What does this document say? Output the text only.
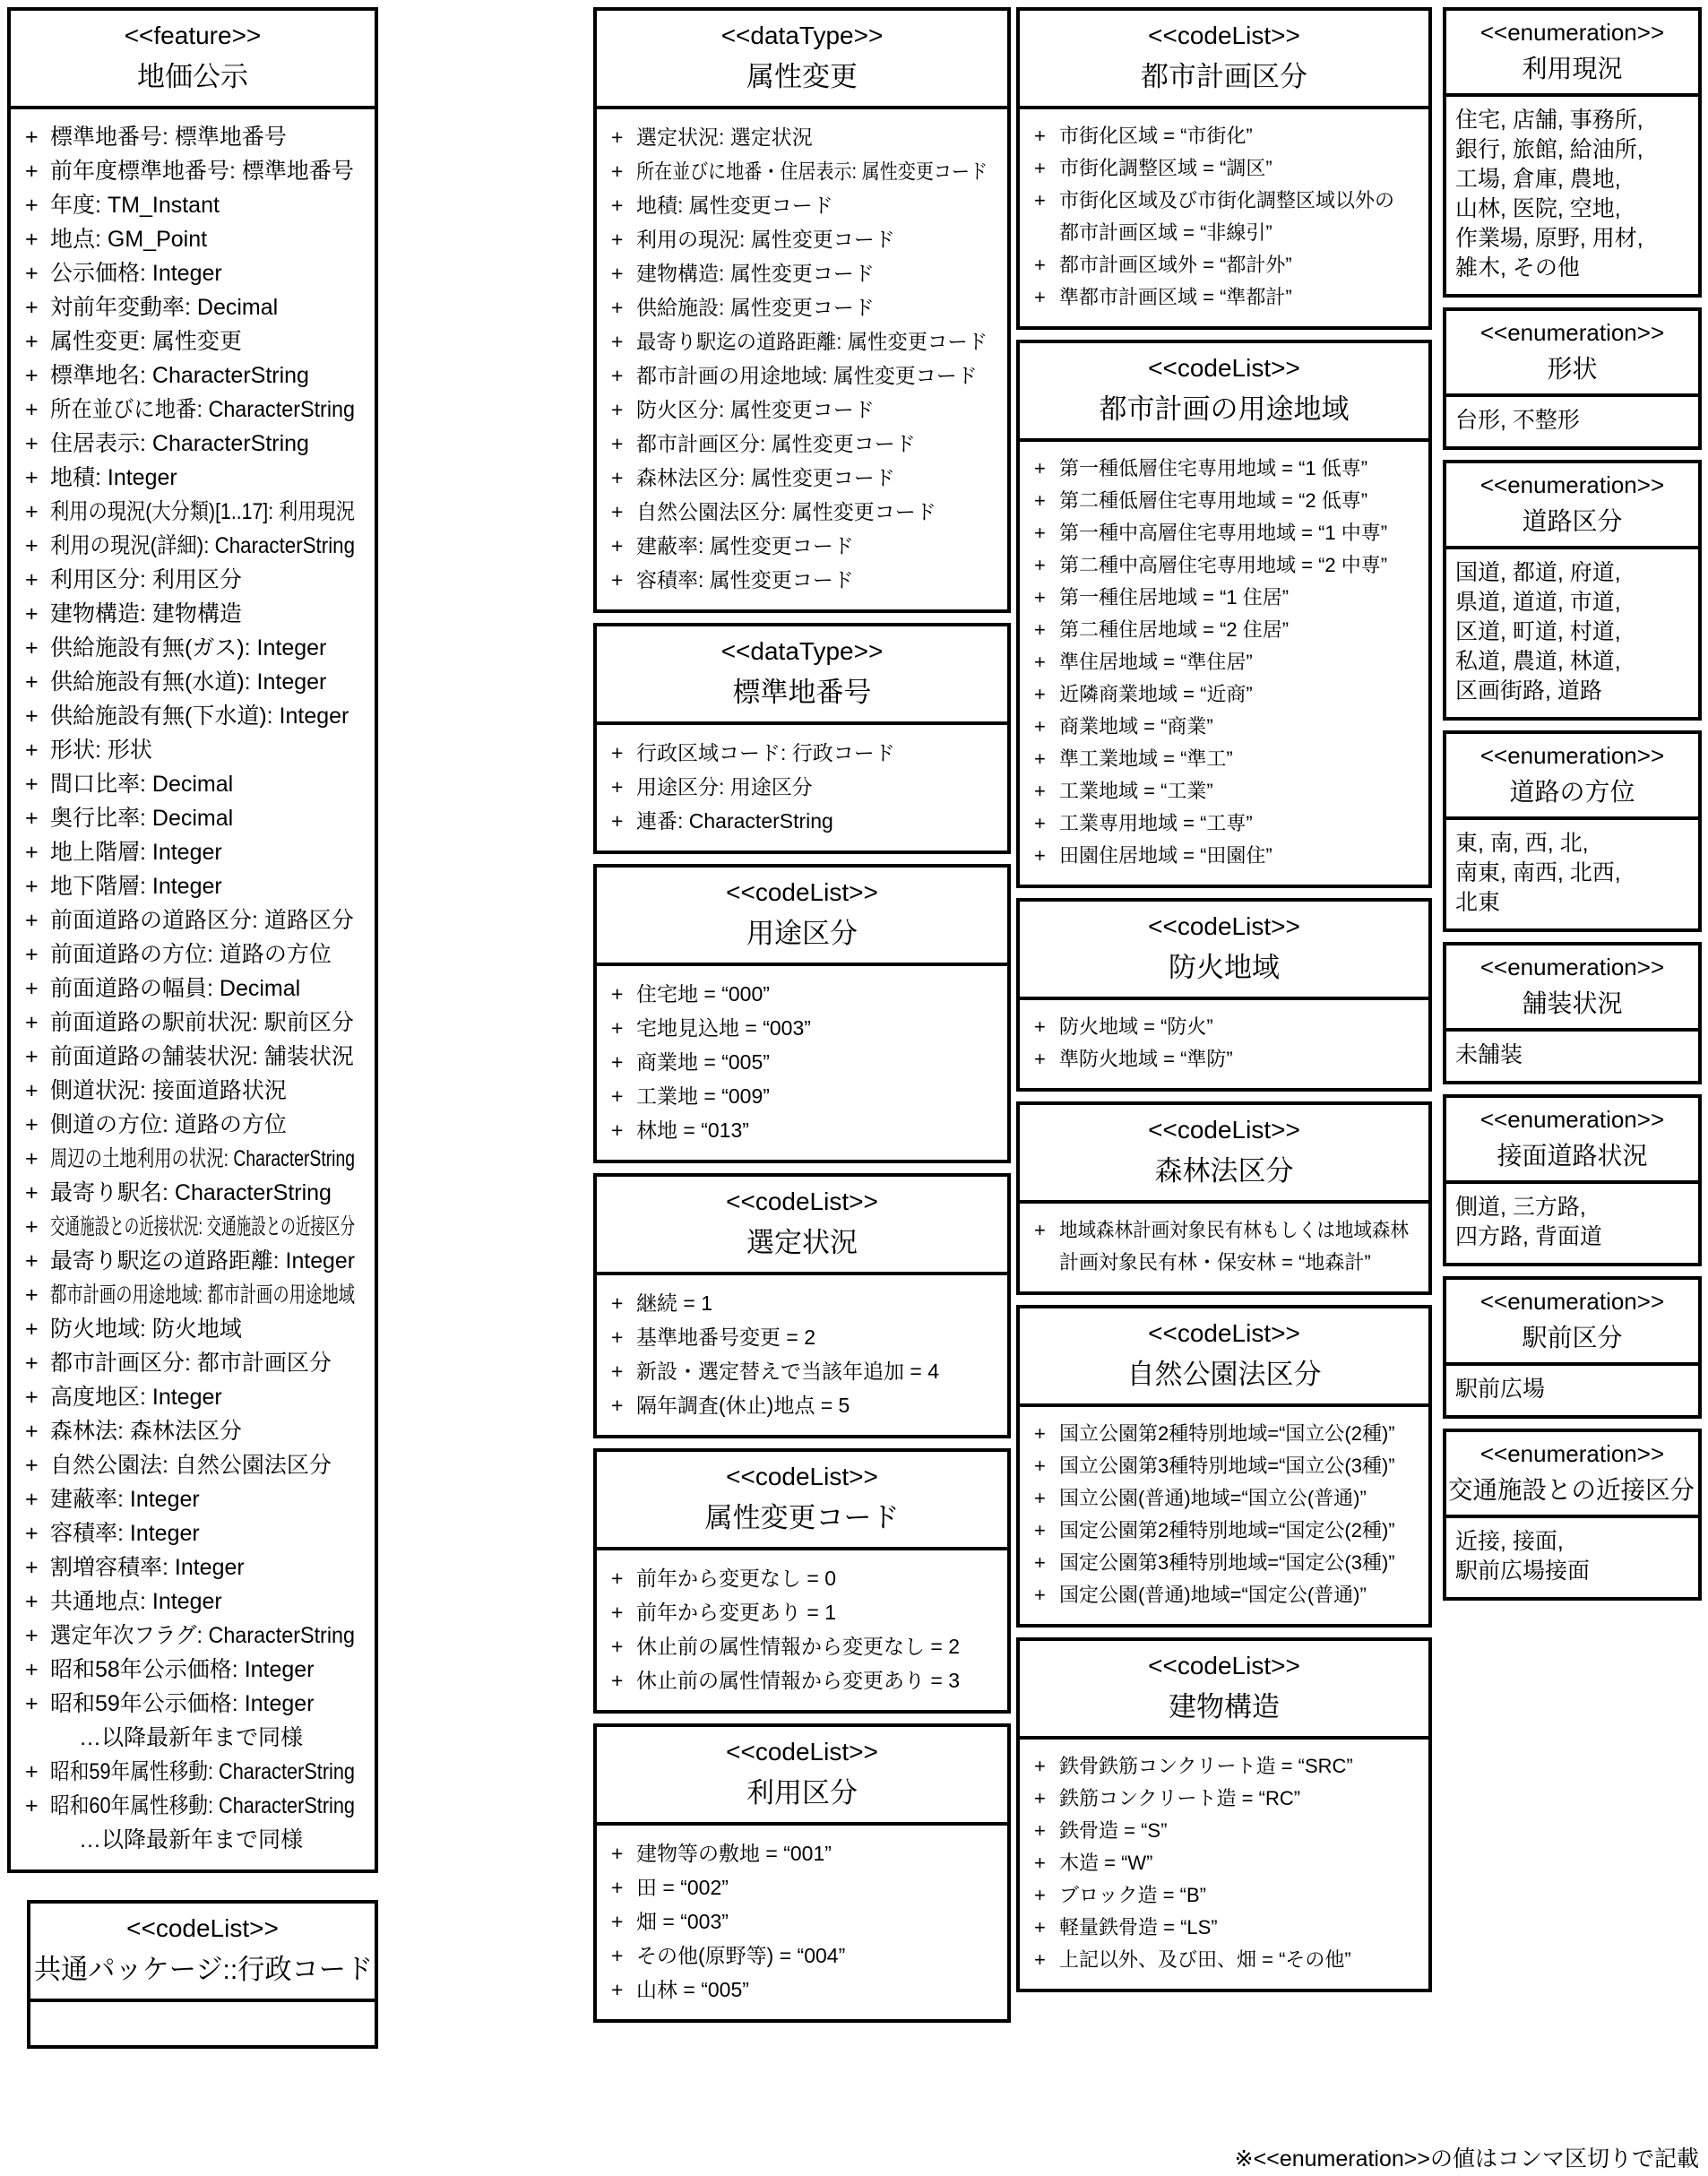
<<feature>>
地価公示
+ 標準地番号: 標準地番号
+ 前年度標準地番号: 標準地番号
+ 年度: TM_Instant
+ 地点: GM_Point
+ 公示価格: Integer
+ 対前年変動率: Decimal
+ 属性変更: 属性変更
+ 標準地名: CharacterString
+ 所在並びに地番: CharacterString
+ 住居表示: CharacterString
+ 地積: Integer
+ 利用の現況(大分類)[1..17]: 利用現況
+ 利用の現況(詳細): CharacterString
+ 利用区分: 利用区分
+ 建物構造: 建物構造
+ 供給施設有無(ガス): Integer
+ 供給施設有無(水道): Integer
+ 供給施設有無(下水道): Integer
+ 形状: 形状
+ 間口比率: Decimal
+ 奥行比率: Decimal
+ 地上階層: Integer
+ 地下階層: Integer
+ 前面道路の道路区分: 道路区分
+ 前面道路の方位: 道路の方位
+ 前面道路の幅員: Decimal
+ 前面道路の駅前状況: 駅前区分
+ 前面道路の舗装状況: 舗装状況
+ 側道状況: 接面道路状況
+ 側道の方位: 道路の方位
+ 周辺の土地利用の状況: CharacterString
+ 最寄り駅名: CharacterString
+ 交通施設との近接状況: 交通施設との近接区分
+ 最寄り駅迄の道路距離: Integer
+ 都市計画の用途地域: 都市計画の用途地域
+ 防火地域: 防火地域
+ 都市計画区分: 都市計画区分
+ 高度地区: Integer
+ 森林法: 森林法区分
+ 自然公園法: 自然公園法区分
+ 建蔽率: Integer
+ 容積率: Integer
+ 割増容積率: Integer
+ 共通地点: Integer
+ 選定年次フラグ: CharacterString
+ 昭和58年公示価格: Integer
+ 昭和59年公示価格: Integer
…以降最新年まで同様
+ 昭和59年属性移動: CharacterString
+ 昭和60年属性移動: CharacterString
…以降最新年まで同様
<<codeList>>
共通パッケージ::行政コード
<<dataType>>
属性変更
+ 選定状況: 選定状況
+ 所在並びに地番・住居表示: 属性変更コード
+ 地積: 属性変更コード
+ 利用の現況: 属性変更コード
+ 建物構造: 属性変更コード
+ 供給施設: 属性変更コード
+ 最寄り駅迄の道路距離: 属性変更コード
+ 都市計画の用途地域: 属性変更コード
+ 防火区分: 属性変更コード
+ 都市計画区分: 属性変更コード
+ 森林法区分: 属性変更コード
+ 自然公園法区分: 属性変更コード
+ 建蔽率: 属性変更コード
+ 容積率: 属性変更コード
<<dataType>>
標準地番号
+ 行政区域コード: 行政コード
+ 用途区分: 用途区分
+ 連番: CharacterString
<<codeList>>
用途区分
+ 住宅地 = “000”
+ 宅地見込地 = “003”
+ 商業地 = “005”
+ 工業地 = “009”
+ 林地 = “013”
<<codeList>>
選定状況
+ 継続 = 1
+ 基準地番号変更 = 2
+ 新設・選定替えで当該年追加 = 4
+ 隔年調査(休止)地点 = 5
<<codeList>>
属性変更コード
+ 前年から変更なし = 0
+ 前年から変更あり = 1
+ 休止前の属性情報から変更なし = 2
+ 休止前の属性情報から変更あり = 3
<<codeList>>
利用区分
+ 建物等の敷地 = “001”
+ 田 = “002”
+ 畑 = “003”
+ その他(原野等) = “004”
+ 山林 = “005”
<<codeList>>
都市計画区分
+ 市街化区域 = “市街化”
+ 市街化調整区域 = “調区”
+ 市街化区域及び市街化調整区域以外の
都市計画区域 = “非線引”
+ 都市計画区域外 = “都計外”
+ 準都市計画区域 = “準都計”
<<codeList>>
都市計画の用途地域
+ 第一種低層住宅専用地域 = “1 低専”
+ 第二種低層住宅専用地域 = “2 低専”
+ 第一種中高層住宅専用地域 = “1 中専”
+ 第二種中高層住宅専用地域 = “2 中専”
+ 第一種住居地域 = “1 住居”
+ 第二種住居地域 = “2 住居”
+ 準住居地域 = “準住居”
+ 近隣商業地域 = “近商”
+ 商業地域 = “商業”
+ 準工業地域 = “準工”
+ 工業地域 = “工業”
+ 工業専用地域 = “工専”
+ 田園住居地域 = “田園住”
<<codeList>>
防火地域
+ 防火地域 = “防火”
+ 準防火地域 = “準防”
<<codeList>>
森林法区分
+ 地域森林計画対象民有林もしくは地域森林
計画対象民有林・保安林 = “地森計”
<<codeList>>
自然公園法区分
+ 国立公園第2種特別地域=“国立公(2種)”
+ 国立公園第3種特別地域=“国立公(3種)”
+ 国立公園(普通)地域=“国立公(普通)”
+ 国定公園第2種特別地域=“国定公(2種)”
+ 国定公園第3種特別地域=“国定公(3種)”
+ 国定公園(普通)地域=“国定公(普通)”
<<codeList>>
建物構造
+ 鉄骨鉄筋コンクリート造 = “SRC”
+ 鉄筋コンクリート造 = “RC”
+ 鉄骨造 = “S”
+ 木造 = “W”
+ ブロック造 = “B”
+ 軽量鉄骨造 = “LS”
+ 上記以外、及び田、畑 = “その他”
<<enumeration>>
利用現況
住宅, 店舗, 事務所,
銀行, 旅館, 給油所,
工場, 倉庫, 農地,
山林, 医院, 空地,
作業場, 原野, 用材,
雑木, その他
<<enumeration>>
形状
台形, 不整形
<<enumeration>>
道路区分
国道, 都道, 府道,
県道, 道道, 市道,
区道, 町道, 村道,
私道, 農道, 林道,
区画街路, 道路
<<enumeration>>
道路の方位
東, 南, 西, 北,
南東, 南西, 北西,
北東
<<enumeration>>
舗装状況
未舗装
<<enumeration>>
接面道路状況
側道, 三方路,
四方路, 背面道
<<enumeration>>
駅前区分
駅前広場
<<enumeration>>
交通施設との近接区分
近接, 接面,
駅前広場接面
※<<enumeration>>の値はコンマ区切りで記載
